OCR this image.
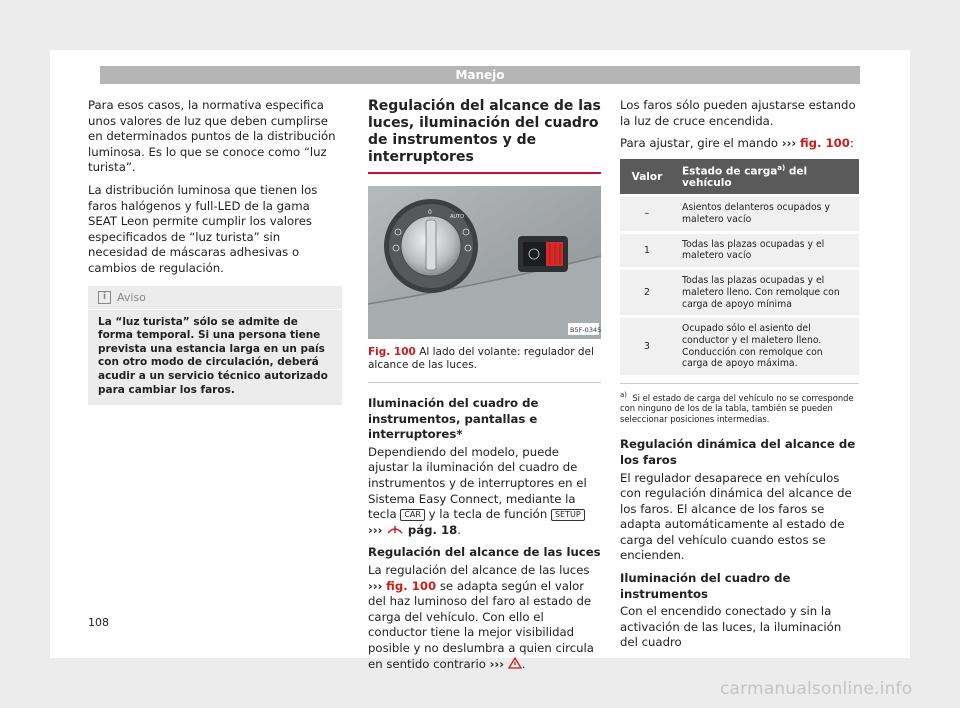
Manejo

Para esos casos, la normativa especifica unos valores de luz que deben cumplirse en determinados puntos de la distribución luminosa. Es lo que se conoce como “luz turista”.

La distribución luminosa que tienen los faros halógenos y full-LED de la gama SEAT Leon permite cumplir los valores especificados de “luz turista” sin necesidad de máscaras adhesivas o cambios de regulación.

i Aviso
La “luz turista” sólo se admite de forma temporal. Si una persona tiene prevista una estancia larga en un país con otro modo de circulación, deberá acudir a un servicio técnico autorizado para cambiar los faros.
Regulación del alcance de las luces, iluminación del cuadro de instrumentos y de interruptores
0
AUTO
B5F-0345
Fig. 100 Al lado del volante: regulador del alcance de las luces.
Iluminación del cuadro de instrumentos, pantallas e interruptores*

Dependiendo del modelo, puede ajustar la iluminación del cuadro de instrumentos y de interruptores en el Sistema Easy Connect, mediante la tecla CAR y la tecla de función SETUP ››› pág. 18.

Regulación del alcance de las luces

La regulación del alcance de las luces ››› fig. 100 se adapta según el valor del haz luminoso del faro al estado de carga del vehículo. Con ello el conductor tiene la mejor visibilidad posible y no deslumbra a quien circula en sentido contrario ››› .

Los faros sólo pueden ajustarse estando la luz de cruce encendida.

Para ajustar, gire el mando ››› fig. 100:

Valor	Estado de carga$^{a)}$ del vehículo
–	Asientos delanteros ocupados y maletero vacío
1	Todas las plazas ocupadas y el maletero vacío
2	Todas las plazas ocupadas y el maletero lleno. Con remolque con carga de apoyo mínima
3	Ocupado sólo el asiento del conductor y el maletero lleno. Conducción con remolque con carga de apoyo máxima.
$^{a)}$ Si el estado de carga del vehículo no se corresponde con ninguno de los de la tabla, también se pueden seleccionar posiciones intermedias.
Regulación dinámica del alcance de los faros

El regulador desaparece en vehículos con regulación dinámica del alcance de los faros. El alcance de los faros se adapta automáticamente al estado de carga del vehículo cuando estos se encienden.

Iluminación del cuadro de instrumentos

Con el encendido conectado y sin la activación de las luces, la iluminación del cuadro

108
carmanualsonline.info
